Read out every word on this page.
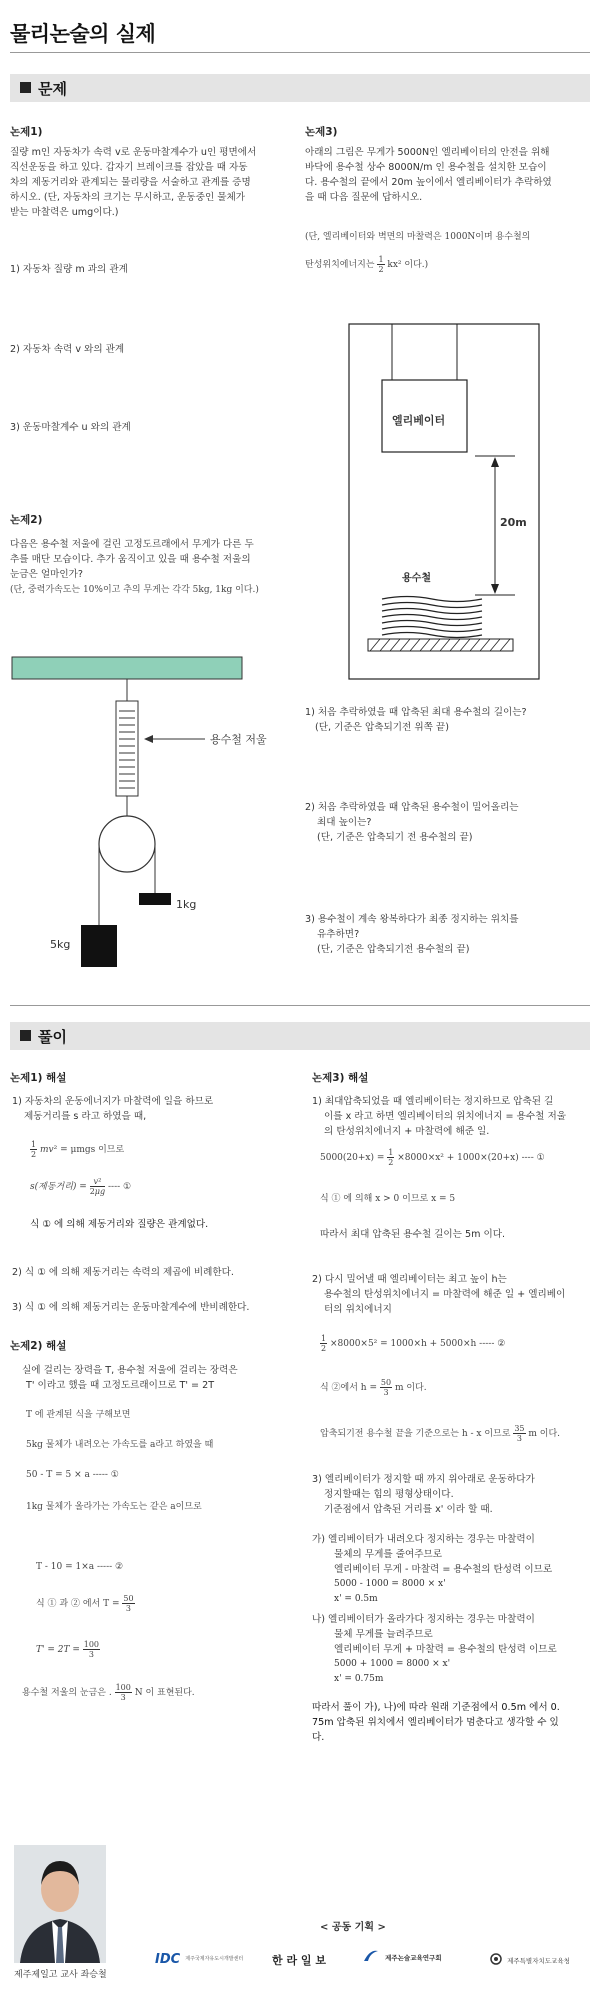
물리논술의 실제
문제
논제1)
질량 m인 자동차가 속력 v로 운동마찰계수가 u인 평면에서
직선운동을 하고 있다. 갑자기 브레이크를 잡았을 때 자동
차의 제동거리와 관계되는 물리량을 서술하고 관계를 증명
하시오. (단, 자동차의 크기는 무시하고, 운동중인 물체가
받는 마찰력은 umg이다.)
1) 자동차 질량 m 과의 관계
2) 자동차 속력 v 와의 관계
3) 운동마찰계수 u 와의 관계
논제2)
다음은 용수철 저울에 걸린 고정도르래에서 무게가 다른 두
추를 매단 모습이다. 추가 움직이고 있을 때 용수철 저울의
눈금은 얼마인가?
(단, 중력가속도는 10%이고 추의 무게는 각각 5kg, 1kg 이다.)
용수철 저울
1kg
5kg
논제3)
아래의 그림은 무게가 5000N인 엘리베이터의 안전을 위해
바닥에 용수철 상수 8000N/m 인 용수철을 설치한 모습이
다. 용수철의 끝에서 20m 높이에서 엘리베이터가 추락하였
을 때 다음 질문에 답하시오.
(단, 엘리베이터와 벽면의 마찰력은 1000N이며 용수철의
탄성위치에너지는 $\frac{1}{2} kx^2$ 이다.)
엘리베이터
20m
용수철
1) 처음 추락하였을 때 압축된 최대 용수철의 길이는?
(단, 기준은 압축되기전 위쪽 끝)
2) 처음 추락하였을 때 압축된 용수철이 밀어올리는
최대 높이는?
(단, 기준은 압축되기 전 용수철의 끝)
3) 용수철이 계속 왕복하다가 최종 정지하는 위치를
유추하면?
(단, 기준은 압축되기전 용수철의 끝)
풀이
논제1) 해설
1) 자동차의 운동에너지가 마찰력에 일을 하므로
제동거리를 s 라고 하였을 때,
$\frac{1}{2} mv^2 = \mu mgs$ 이므로
s(제동거리) = $\frac{\text{v²}}{2\mu g}$ ---- ①
식 ① 에 의해 제동거리와 질량은 관계없다.
2) 식 ① 에 의해 제동거리는 속력의 제곱에 비례한다.
3) 식 ① 에 의해 제동거리는 운동마찰계수에 반비례한다.
논제2) 해설
실에 걸리는 장력을 T, 용수철 저울에 걸리는 장력은
T' 이라고 했을 때 고정도르래이므로 T' = 2T
T 에 관계된 식을 구해보면
5kg 물체가 내려오는 가속도를 a라고 하였을 때
50 - T = 5 × a ----- ①
1kg 물체가 올라가는 가속도는 같은 a이므로
T - 10 = 1×a ----- ②
식 ① 과 ② 에서 $T = \frac{50}{3}$
$T' = 2T = \frac{100}{3}$
용수철 저울의 눈금은 . $\frac{100}{3}$ N 이 표현된다.
논제3) 해설
1) 최대압축되었을 때 엘리베이터는 정지하므로 압축된 길
이를 x 라고 하면 엘리베이터의 위치에너지 = 용수철 저울
의 탄성위치에너지 + 마찰력에 해준 일.
$5000(20+x) = \frac{1}{2} \times 8000\times x^2 + 1000\times(20+x)$ ---- ①
식 ① 에 의해 x > 0 이므로 x = 5
따라서 최대 압축된 용수철 길이는 5m 이다.
2) 다시 밀어낼 때 엘리베이터는 최고 높이 h는
용수철의 탄성위치에너지 = 마찰력에 해준 일 + 엘리베이
터의 위치에너지
$\frac{1}{2} \times 8000\times 5^2 = 1000\times h + 5000\times h$ ----- ②
식 ②에서 $h = \frac{50}{3}$ m 이다.
압축되기전 용수철 끝을 기준으로는 h - x 이므로 $\frac{35}{3}$ m 이다.
3) 엘리베이터가 정지할 때 까지 위아래로 운동하다가
정지할때는 힘의 평형상태이다.
기준점에서 압축된 거리를 x' 이라 할 때.
가) 엘리베이터가 내려오다 정지하는 경우는 마찰력이
물체의 무게를 줄여주므로
엘리베이터 무게 - 마찰력 = 용수철의 탄성력 이므로
5000 - 1000 = 8000 × x'
x' = 0.5m
나) 엘리베이터가 올라가다 정지하는 경우는 마찰력이
물체 무게를 늘려주므로
엘리베이터 무게 + 마찰력 = 용수철의 탄성력 이므로
5000 + 1000 = 8000 × x'
x' = 0.75m
따라서 풀이 가), 나)에 따라 원래 기준점에서 0.5m 에서 0.
75m 압축된 위치에서 엘리베이터가 멈춘다고 생각할 수 있
다.
제주제일고 교사 좌승철
< 공동 기획 >
IDC 제주국제자유도시개발센터	한 라 일 보	제주논술교육연구회	제주특별자치도교육청
